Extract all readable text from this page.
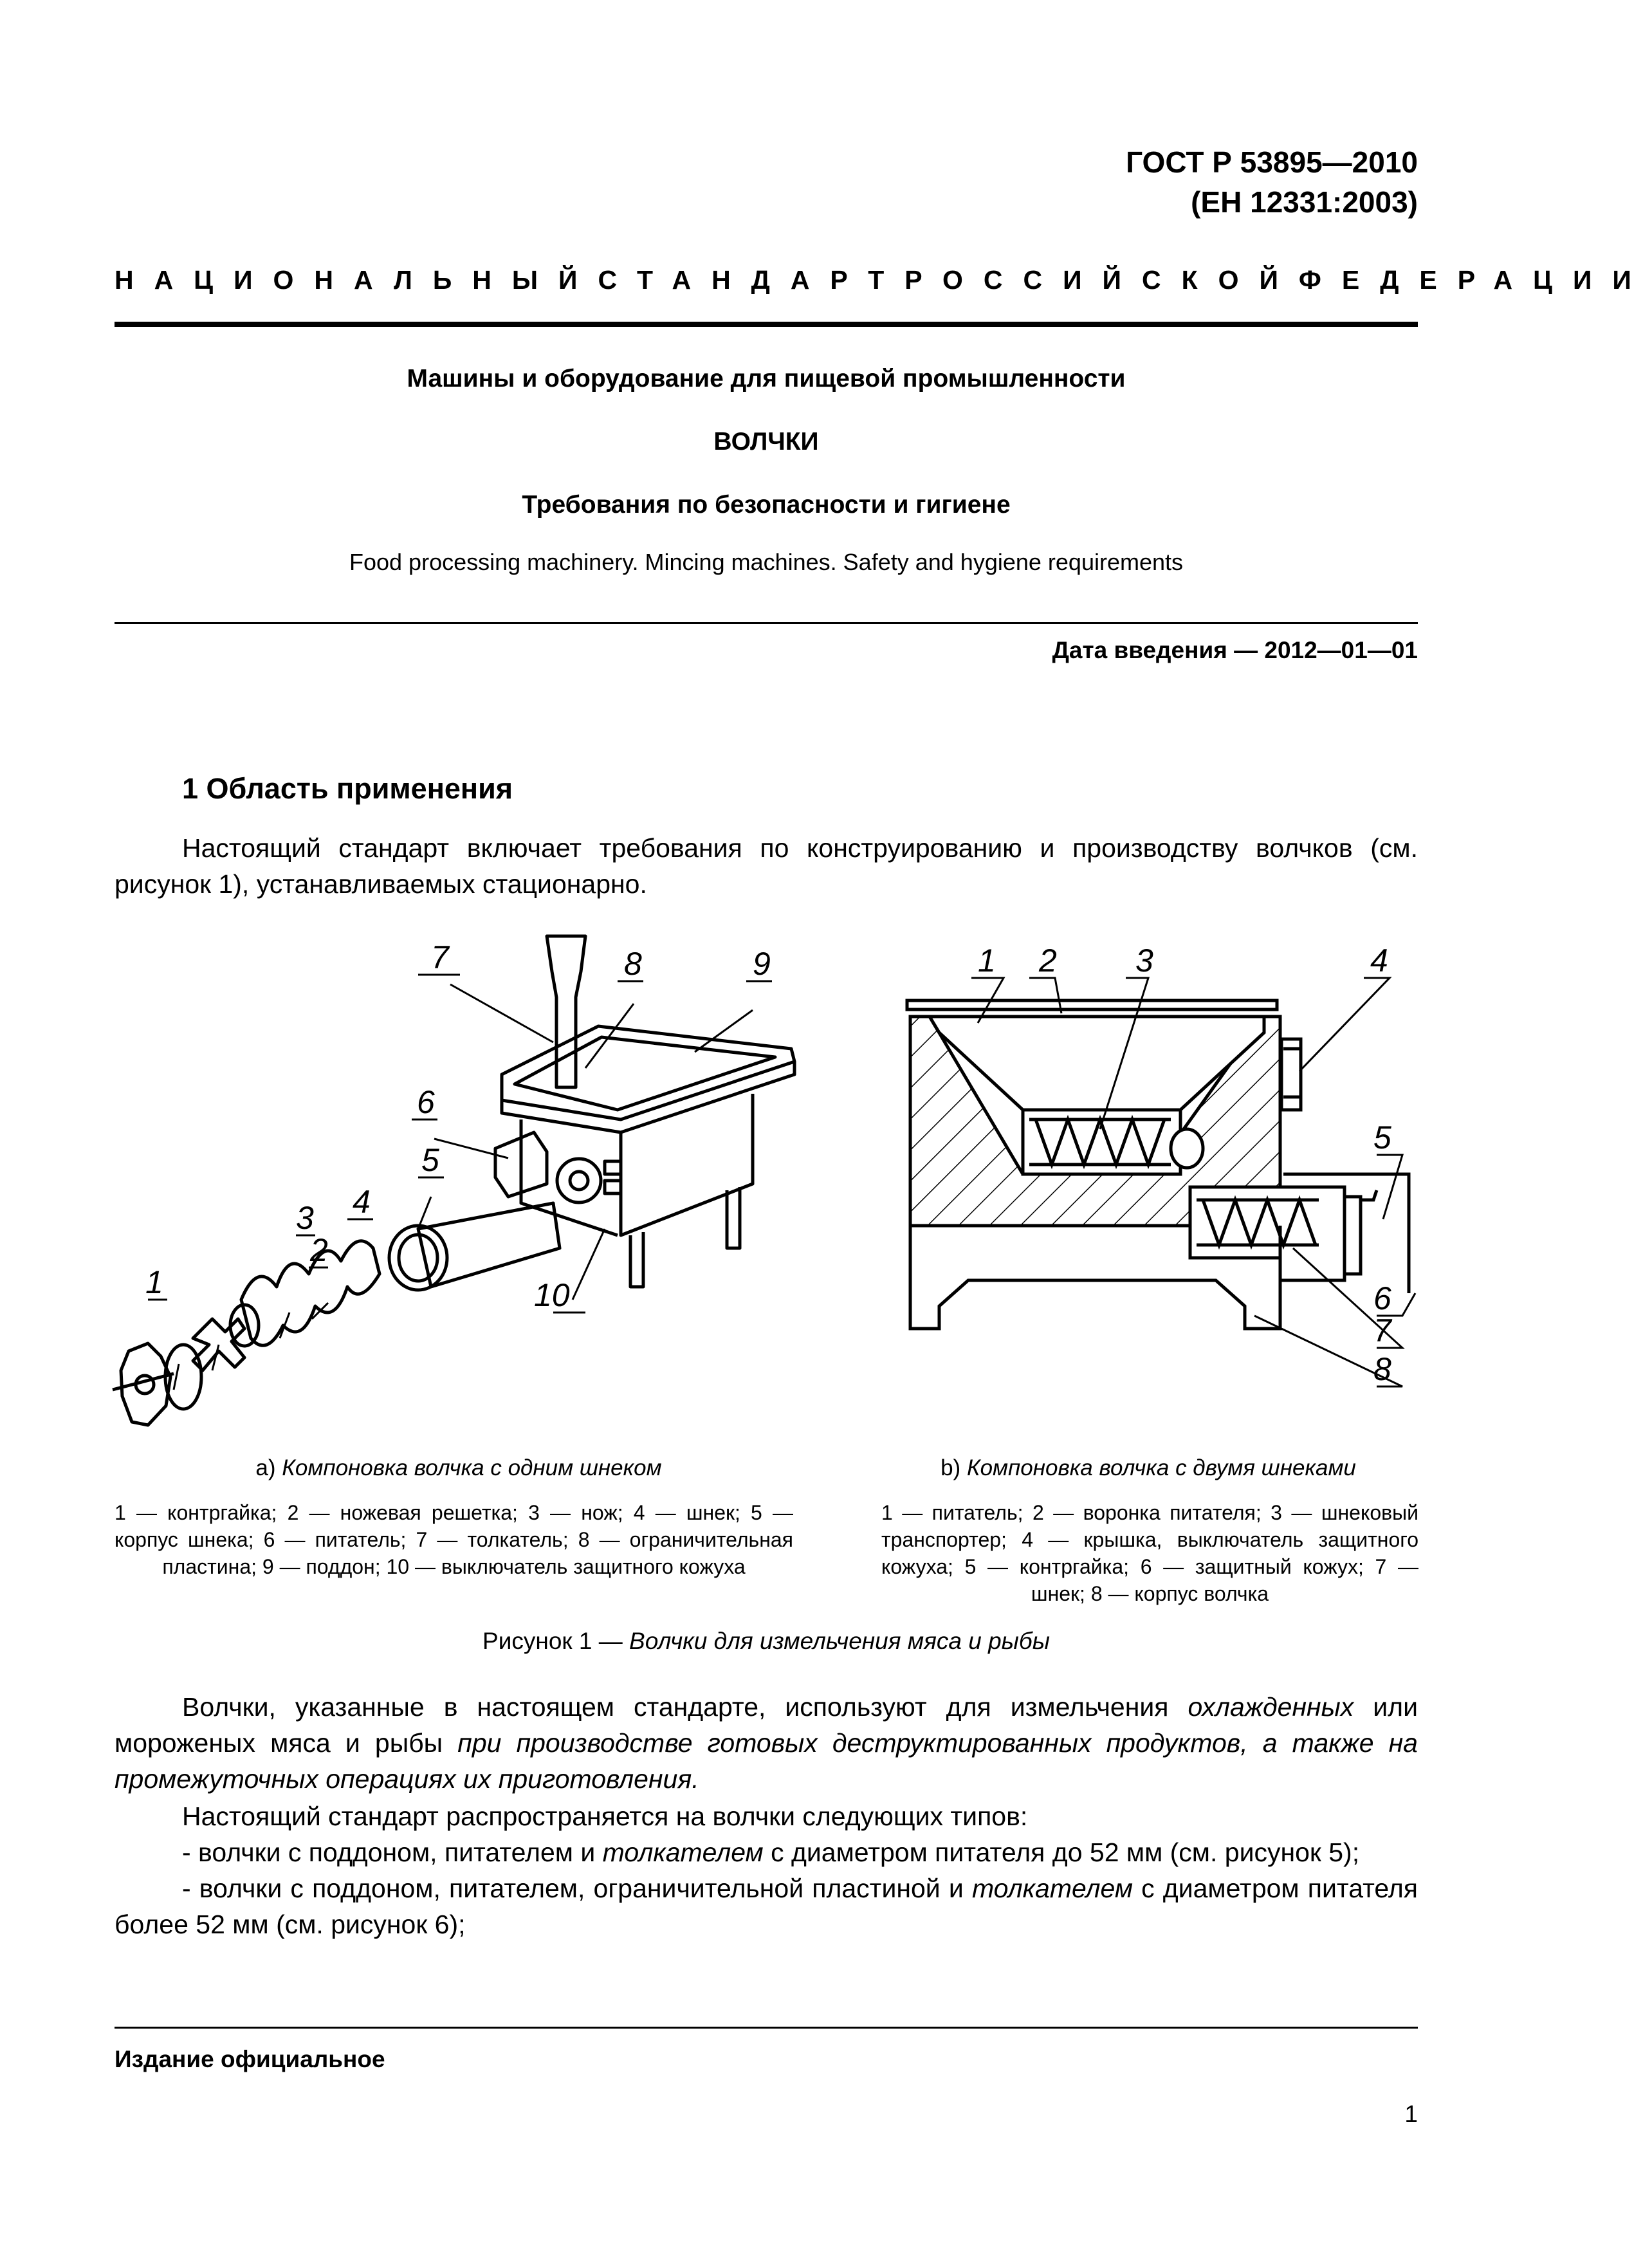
ГОСТ Р 53895—2010
(ЕН 12331:2003)
НАЦИОНАЛЬНЫЙ СТАНДАРТ РОССИЙСКОЙ ФЕДЕРАЦИИ
Машины и оборудование для пищевой промышленности
ВОЛЧКИ
Требования по безопасности и гигиене
Food processing machinery. Mincing machines. Safety and hygiene requirements
Дата введения — 2012—01—01
1 Область применения
Настоящий стандарт включает требования по конструированию и производству волчков (см. рисунок 1), устанавливаемых стационарно.
1
2
3 4
5
6
7	8	9
10
1 2 3	4
5
6
7
8
а) Компоновка волчка с одним шнеком	b) Компоновка волчка с двумя шнеками
1 — контргайка; 2 — ножевая решетка; 3 — нож; 4 — шнек; 5 — корпус шнека; 6 — питатель; 7 — толкатель; 8 — ограничительная пластина; 9 — поддон; 10 — выключатель защитного кожуха
1 — питатель; 2 — воронка питателя; 3 — шнековый транспортер; 4 — крышка, выключатель защитного кожуха; 5 — контргайка; 6 — защитный кожух; 7 — шнек; 8 — корпус волчка
Рисунок 1 — Волчки для измельчения мяса и рыбы
Волчки, указанные в настоящем стандарте, используют для измельчения охлажденных или мороженых мяса и рыбы при производстве готовых деструктированных продуктов, а также на промежуточных операциях их приготовления.
Настоящий стандарт распространяется на волчки следующих типов:
- волчки с поддоном, питателем и толкателем с диаметром питателя до 52 мм (см. рисунок 5);
- волчки с поддоном, питателем, ограничительной пластиной и толкателем с диаметром питателя более 52 мм (см. рисунок 6);
Издание официальное
1
